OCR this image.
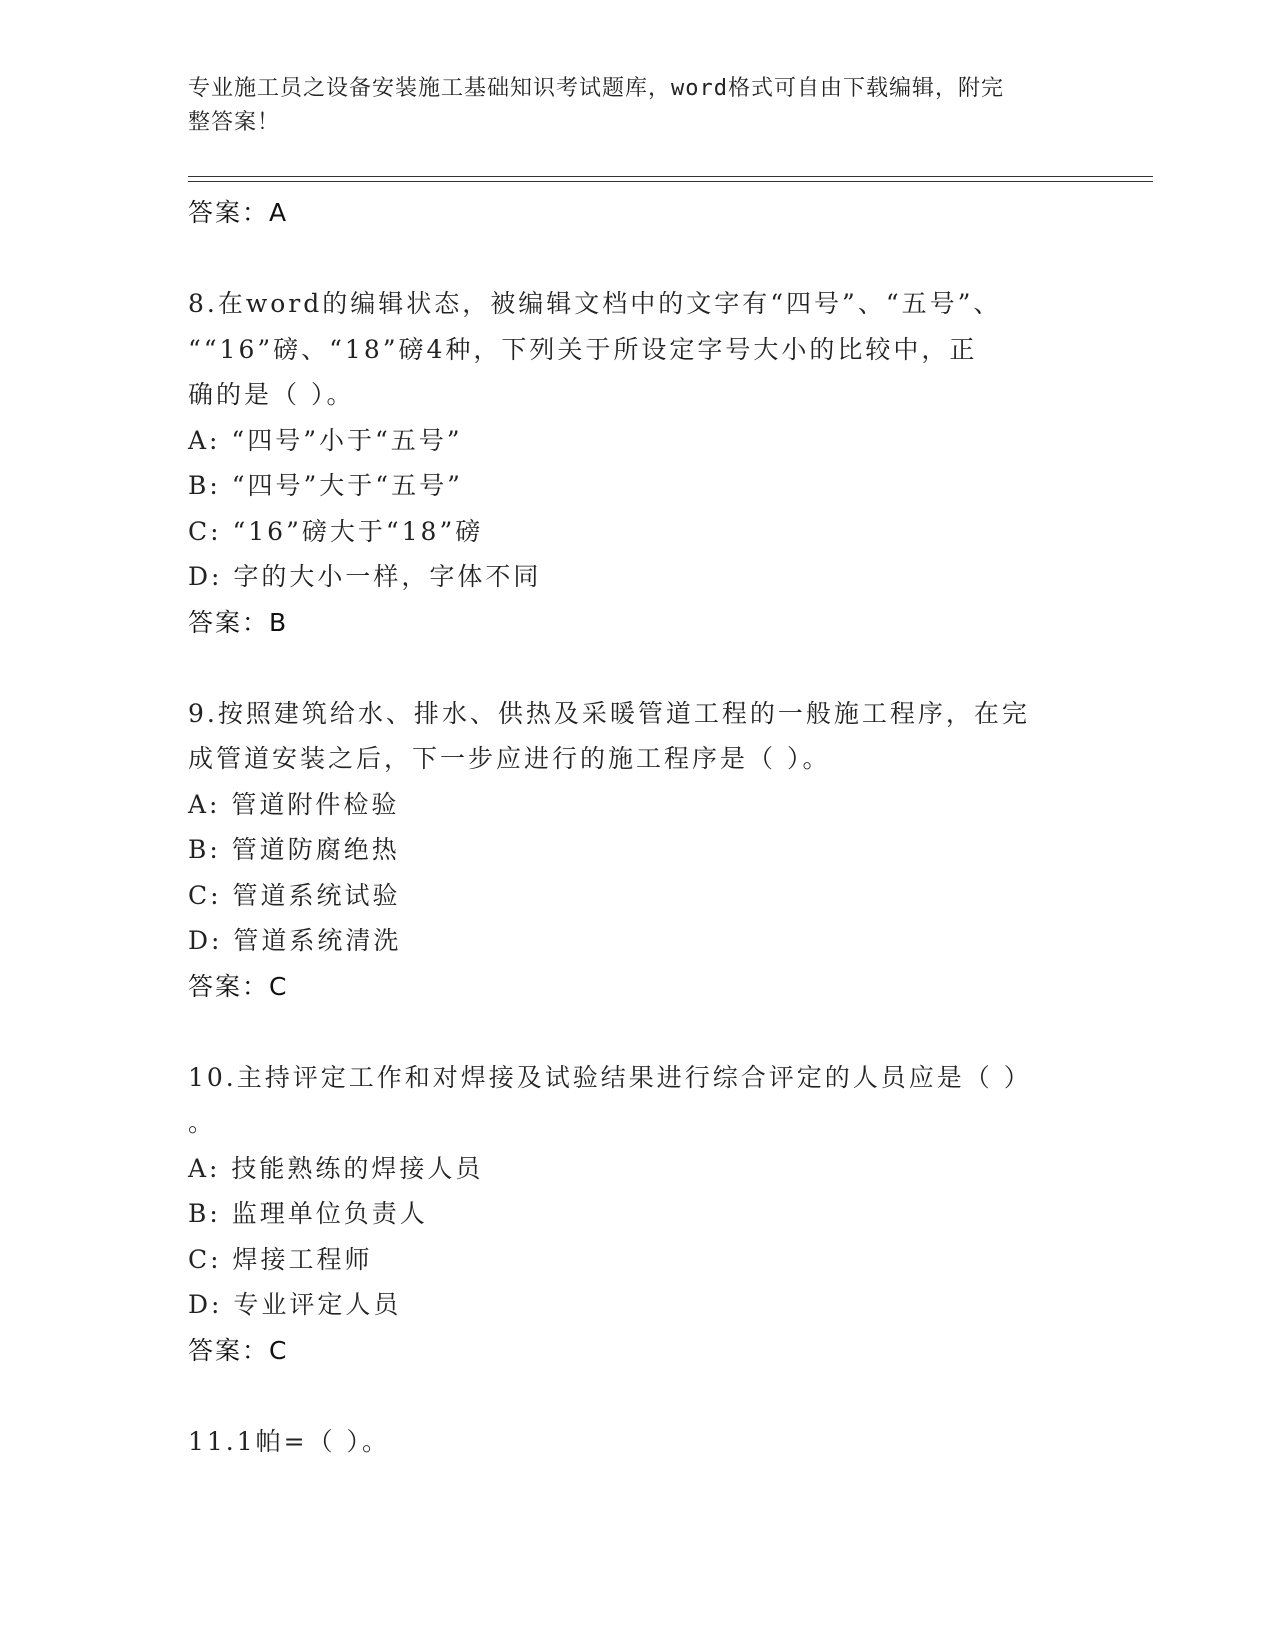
专业施工员之设备安装施工基础知识考试题库，word格式可自由下载编辑，附完
整答案！
答案：A
8.在word的编辑状态，被编辑文档中的文字有“四号”、“五号”、
““16”磅、“18”磅4种，下列关于所设定字号大小的比较中，正
确的是（ ）。
A: “四号”小于“五号”
B: “四号”大于“五号”
C: “16”磅大于“18”磅
D: 字的大小一样，字体不同
答案：B
9.按照建筑给水、排水、供热及采暖管道工程的一般施工程序，在完
成管道安装之后，下一步应进行的施工程序是（ ）。
A: 管道附件检验
B: 管道防腐绝热
C: 管道系统试验
D: 管道系统清洗
答案：C
10.主持评定工作和对焊接及试验结果进行综合评定的人员应是（ ）
。
A: 技能熟练的焊接人员
B: 监理单位负责人
C: 焊接工程师
D: 专业评定人员
答案：C
11.1帕=（ ）。
